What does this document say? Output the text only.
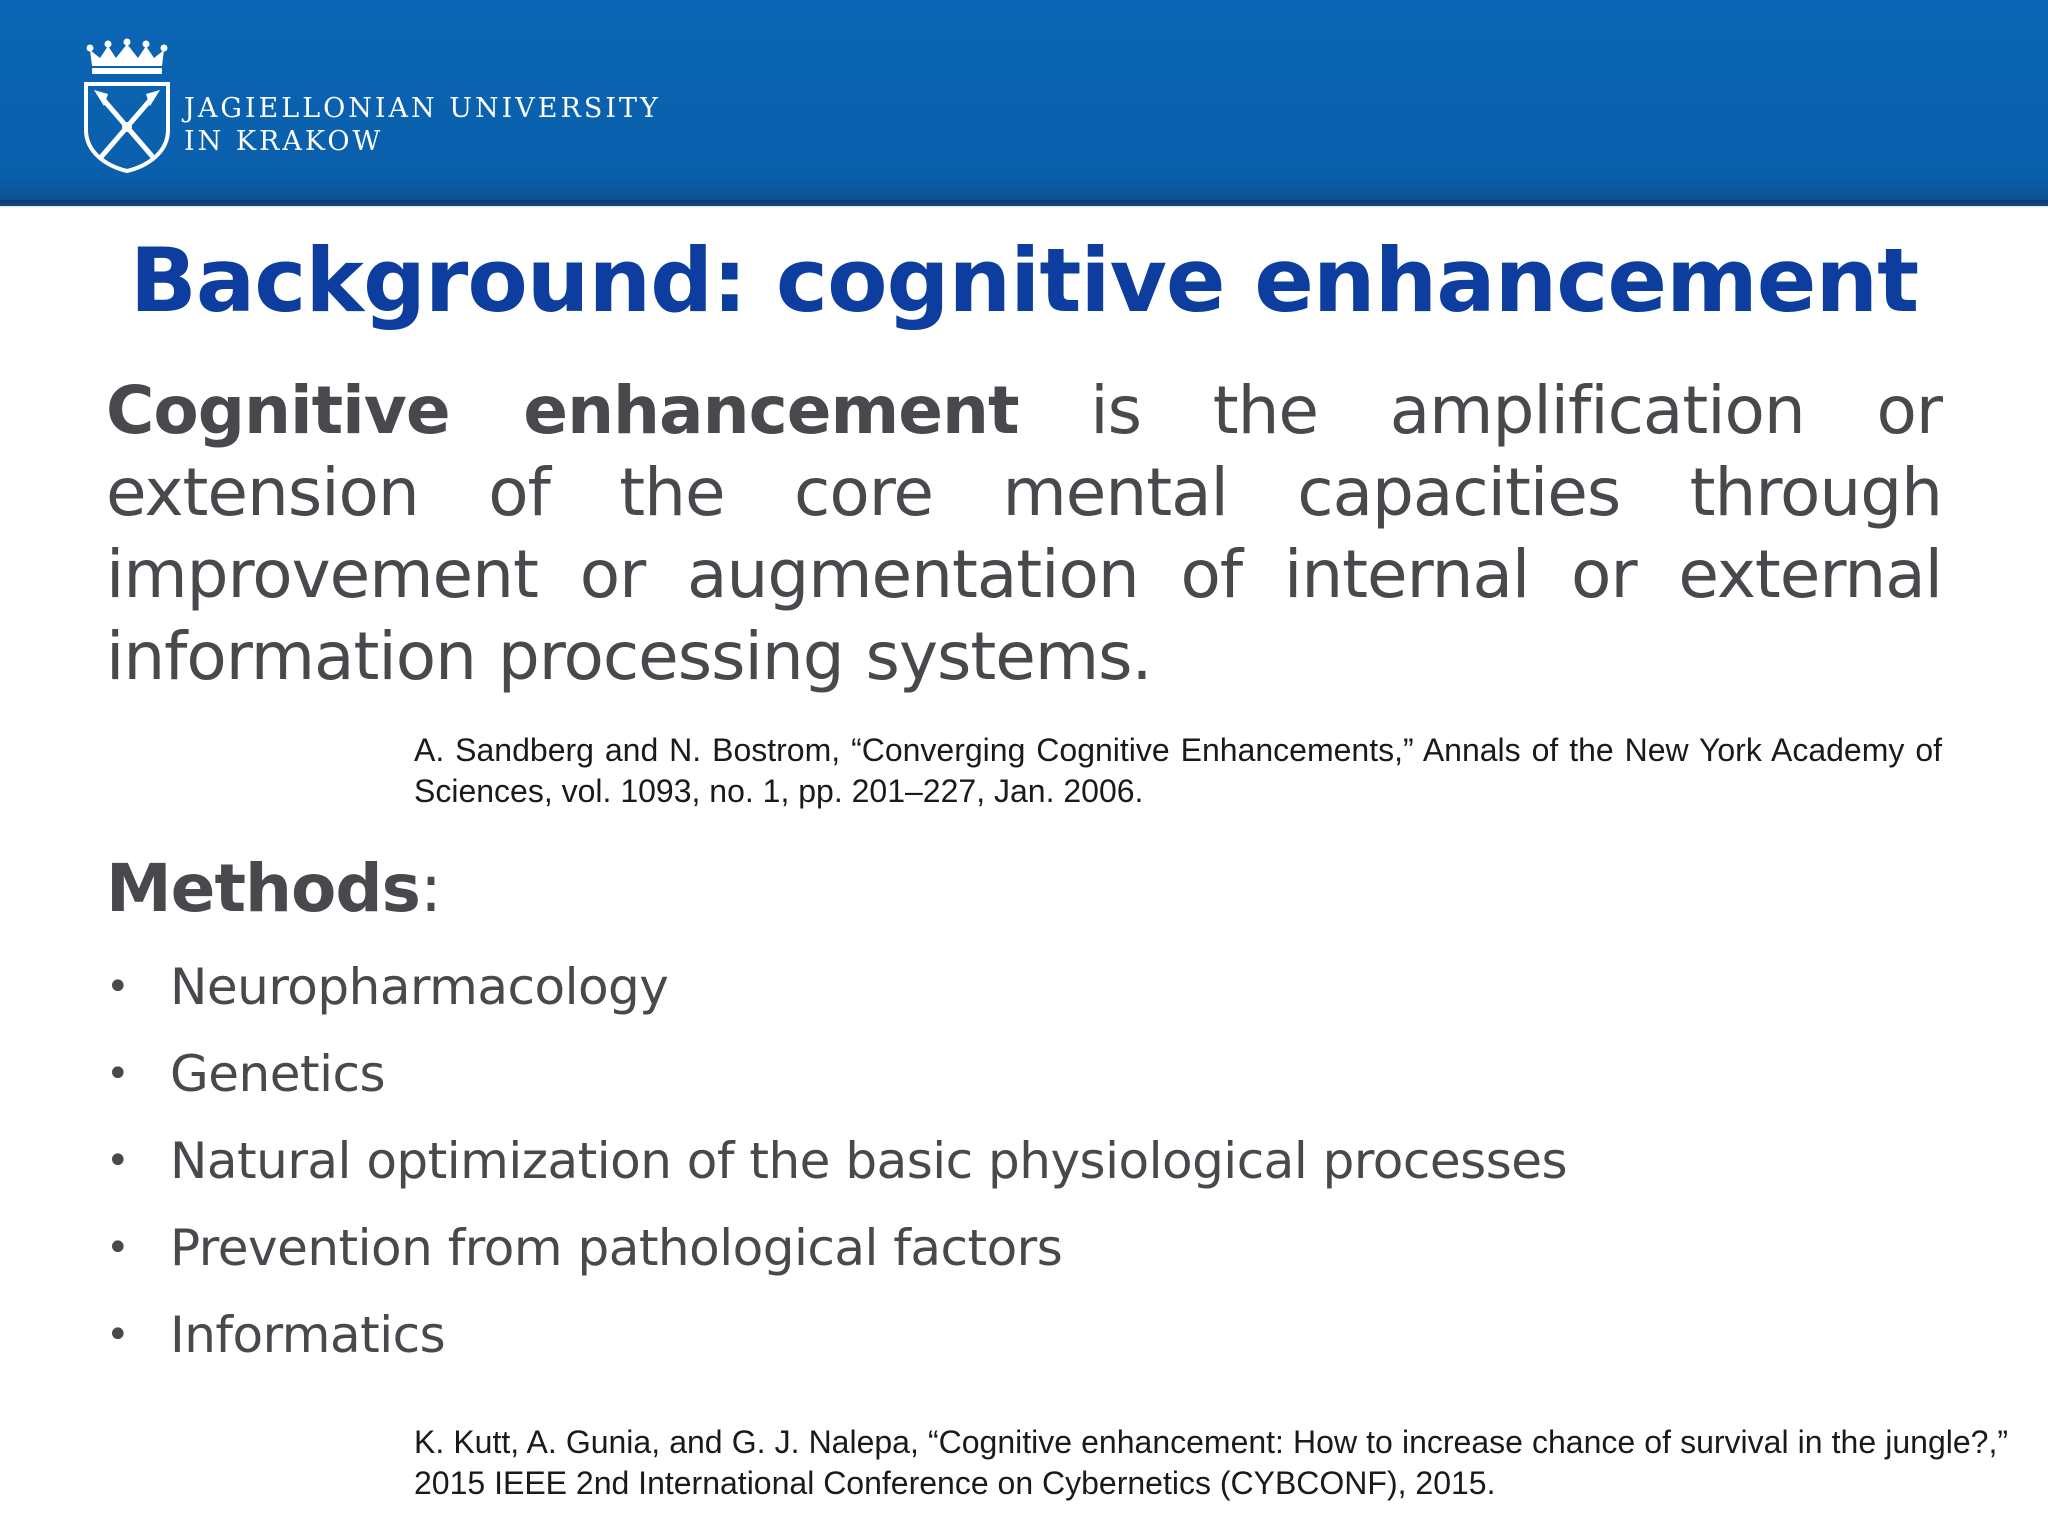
JAGIELLONIAN UNIVERSITY
IN KRAKOW
Background: cognitive enhancement

Cognitive enhancement is the amplification or extension of the core mental capacities through improvement or augmentation of internal or external information processing systems.

A. Sandberg and N. Bostrom, “Converging Cognitive Enhancements,” Annals of the New York Academy of Sciences, vol. 1093, no. 1, pp. 201–227, Jan. 2006.

Methods:
• Neuropharmacology
• Genetics
• Natural optimization of the basic physiological processes
• Prevention from pathological factors
• Informatics

K. Kutt, A. Gunia, and G. J. Nalepa, “Cognitive enhancement: How to increase chance of survival in the jungle?,” 2015 IEEE 2nd International Conference on Cybernetics (CYBCONF), 2015.
